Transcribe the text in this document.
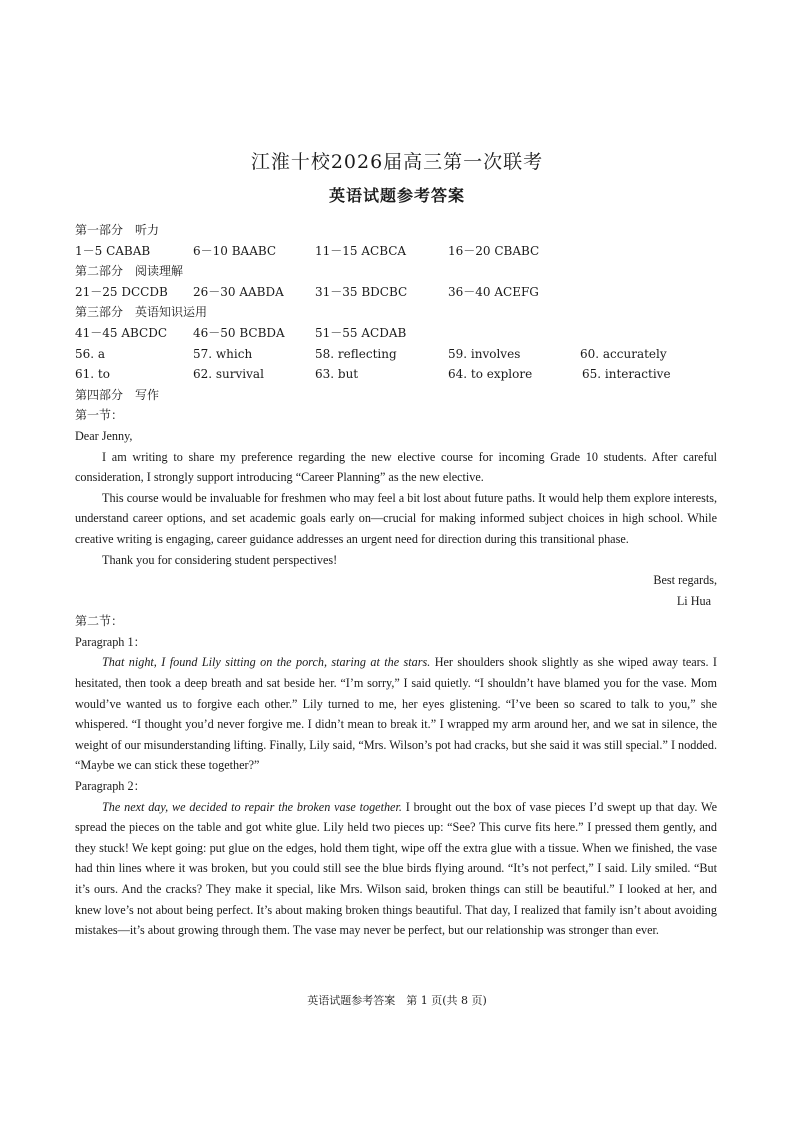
江淮十校2026届高三第一次联考
英语试题参考答案
第一部分　听力
1－5 CABAB	6－10 BAABC	11－15 ACBCA	16－20 CBABC
第二部分　阅读理解
21－25 DCCDB 26－30 AABDA	31－35 BDCBC	36－40 ACEFG
第三部分　英语知识运用
41－45 ABCDC 46－50 BCBDA	51－55 ACDAB
56. a	57. which	58. reflecting	59. involves	60. accurately
61. to	62. survival	63. but	64. to explore	65. interactive
第四部分　写作
第一节：

Dear Jenny,

I am writing to share my preference regarding the new elective course for incoming Grade 10 students. After careful consideration, I strongly support introducing “Career Planning” as the new elective.

This course would be invaluable for freshmen who may feel a bit lost about future paths. It would help them explore interests, understand career options, and set academic goals early on—crucial for making informed subject choices in high school. While creative writing is engaging, career guidance addresses an urgent need for direction during this transitional phase.

Thank you for considering student perspectives!

Best regards,

Li Hua

第二节：

Paragraph 1：

That night, I found Lily sitting on the porch, staring at the stars. Her shoulders shook slightly as she wiped away tears. I hesitated, then took a deep breath and sat beside her. “I’m sorry,” I said quietly. “I shouldn’t have blamed you for the vase. Mom would’ve wanted us to forgive each other.” Lily turned to me, her eyes glistening. “I’ve been so scared to talk to you,” she whispered. “I thought you’d never forgive me. I didn’t mean to break it.” I wrapped my arm around her, and we sat in silence, the weight of our misunderstanding lifting. Finally, Lily said, “Mrs. Wilson’s pot had cracks, but she said it was still special.” I nodded. “Maybe we can stick these together?”

Paragraph 2：

The next day, we decided to repair the broken vase together. I brought out the box of vase pieces I’d swept up that day. We spread the pieces on the table and got white glue. Lily held two pieces up: “See? This curve fits here.” I pressed them gently, and they stuck! We kept going: put glue on the edges, hold them tight, wipe off the extra glue with a tissue. When we finished, the vase had thin lines where it was broken, but you could still see the blue birds flying around. “It’s not perfect,” I said. Lily smiled. “But it’s ours. And the cracks? They make it special, like Mrs. Wilson said, broken things can still be beautiful.” I looked at her, and knew love’s not about being perfect. It’s about making broken things beautiful. That day, I realized that family isn’t about avoiding mistakes—it’s about growing through them. The vase may never be perfect, but our relationship was stronger than ever.

英语试题参考答案　第 1 页(共 8 页)
